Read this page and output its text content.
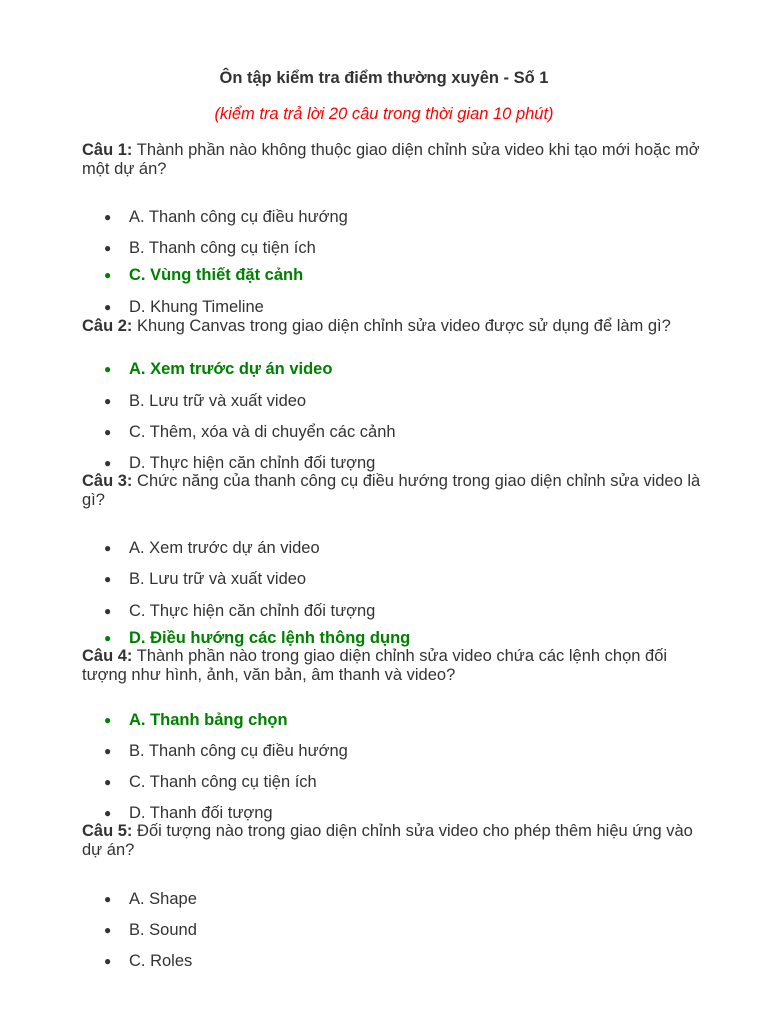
Ôn tập kiểm tra điểm thường xuyên - Số 1
(kiểm tra trả lời 20 câu trong thời gian 10 phút)
Câu 1: Thành phần nào không thuộc giao diện chỉnh sửa video khi tạo mới hoặc mở một dự án?
● A. Thanh công cụ điều hướng
● B. Thanh công cụ tiện ích
● C. Vùng thiết đặt cảnh
● D. Khung Timeline
Câu 2: Khung Canvas trong giao diện chỉnh sửa video được sử dụng để làm gì?
● A. Xem trước dự án video
● B. Lưu trữ và xuất video
● C. Thêm, xóa và di chuyển các cảnh
● D. Thực hiện căn chỉnh đối tượng
Câu 3: Chức năng của thanh công cụ điều hướng trong giao diện chỉnh sửa video là gì?
● A. Xem trước dự án video
● B. Lưu trữ và xuất video
● C. Thực hiện căn chỉnh đối tượng
● D. Điều hướng các lệnh thông dụng
Câu 4: Thành phần nào trong giao diện chỉnh sửa video chứa các lệnh chọn đối tượng như hình, ảnh, văn bản, âm thanh và video?
● A. Thanh bảng chọn
● B. Thanh công cụ điều hướng
● C. Thanh công cụ tiện ích
● D. Thanh đối tượng
Câu 5: Đối tượng nào trong giao diện chỉnh sửa video cho phép thêm hiệu ứng vào dự án?
● A. Shape
● B. Sound
● C. Roles
